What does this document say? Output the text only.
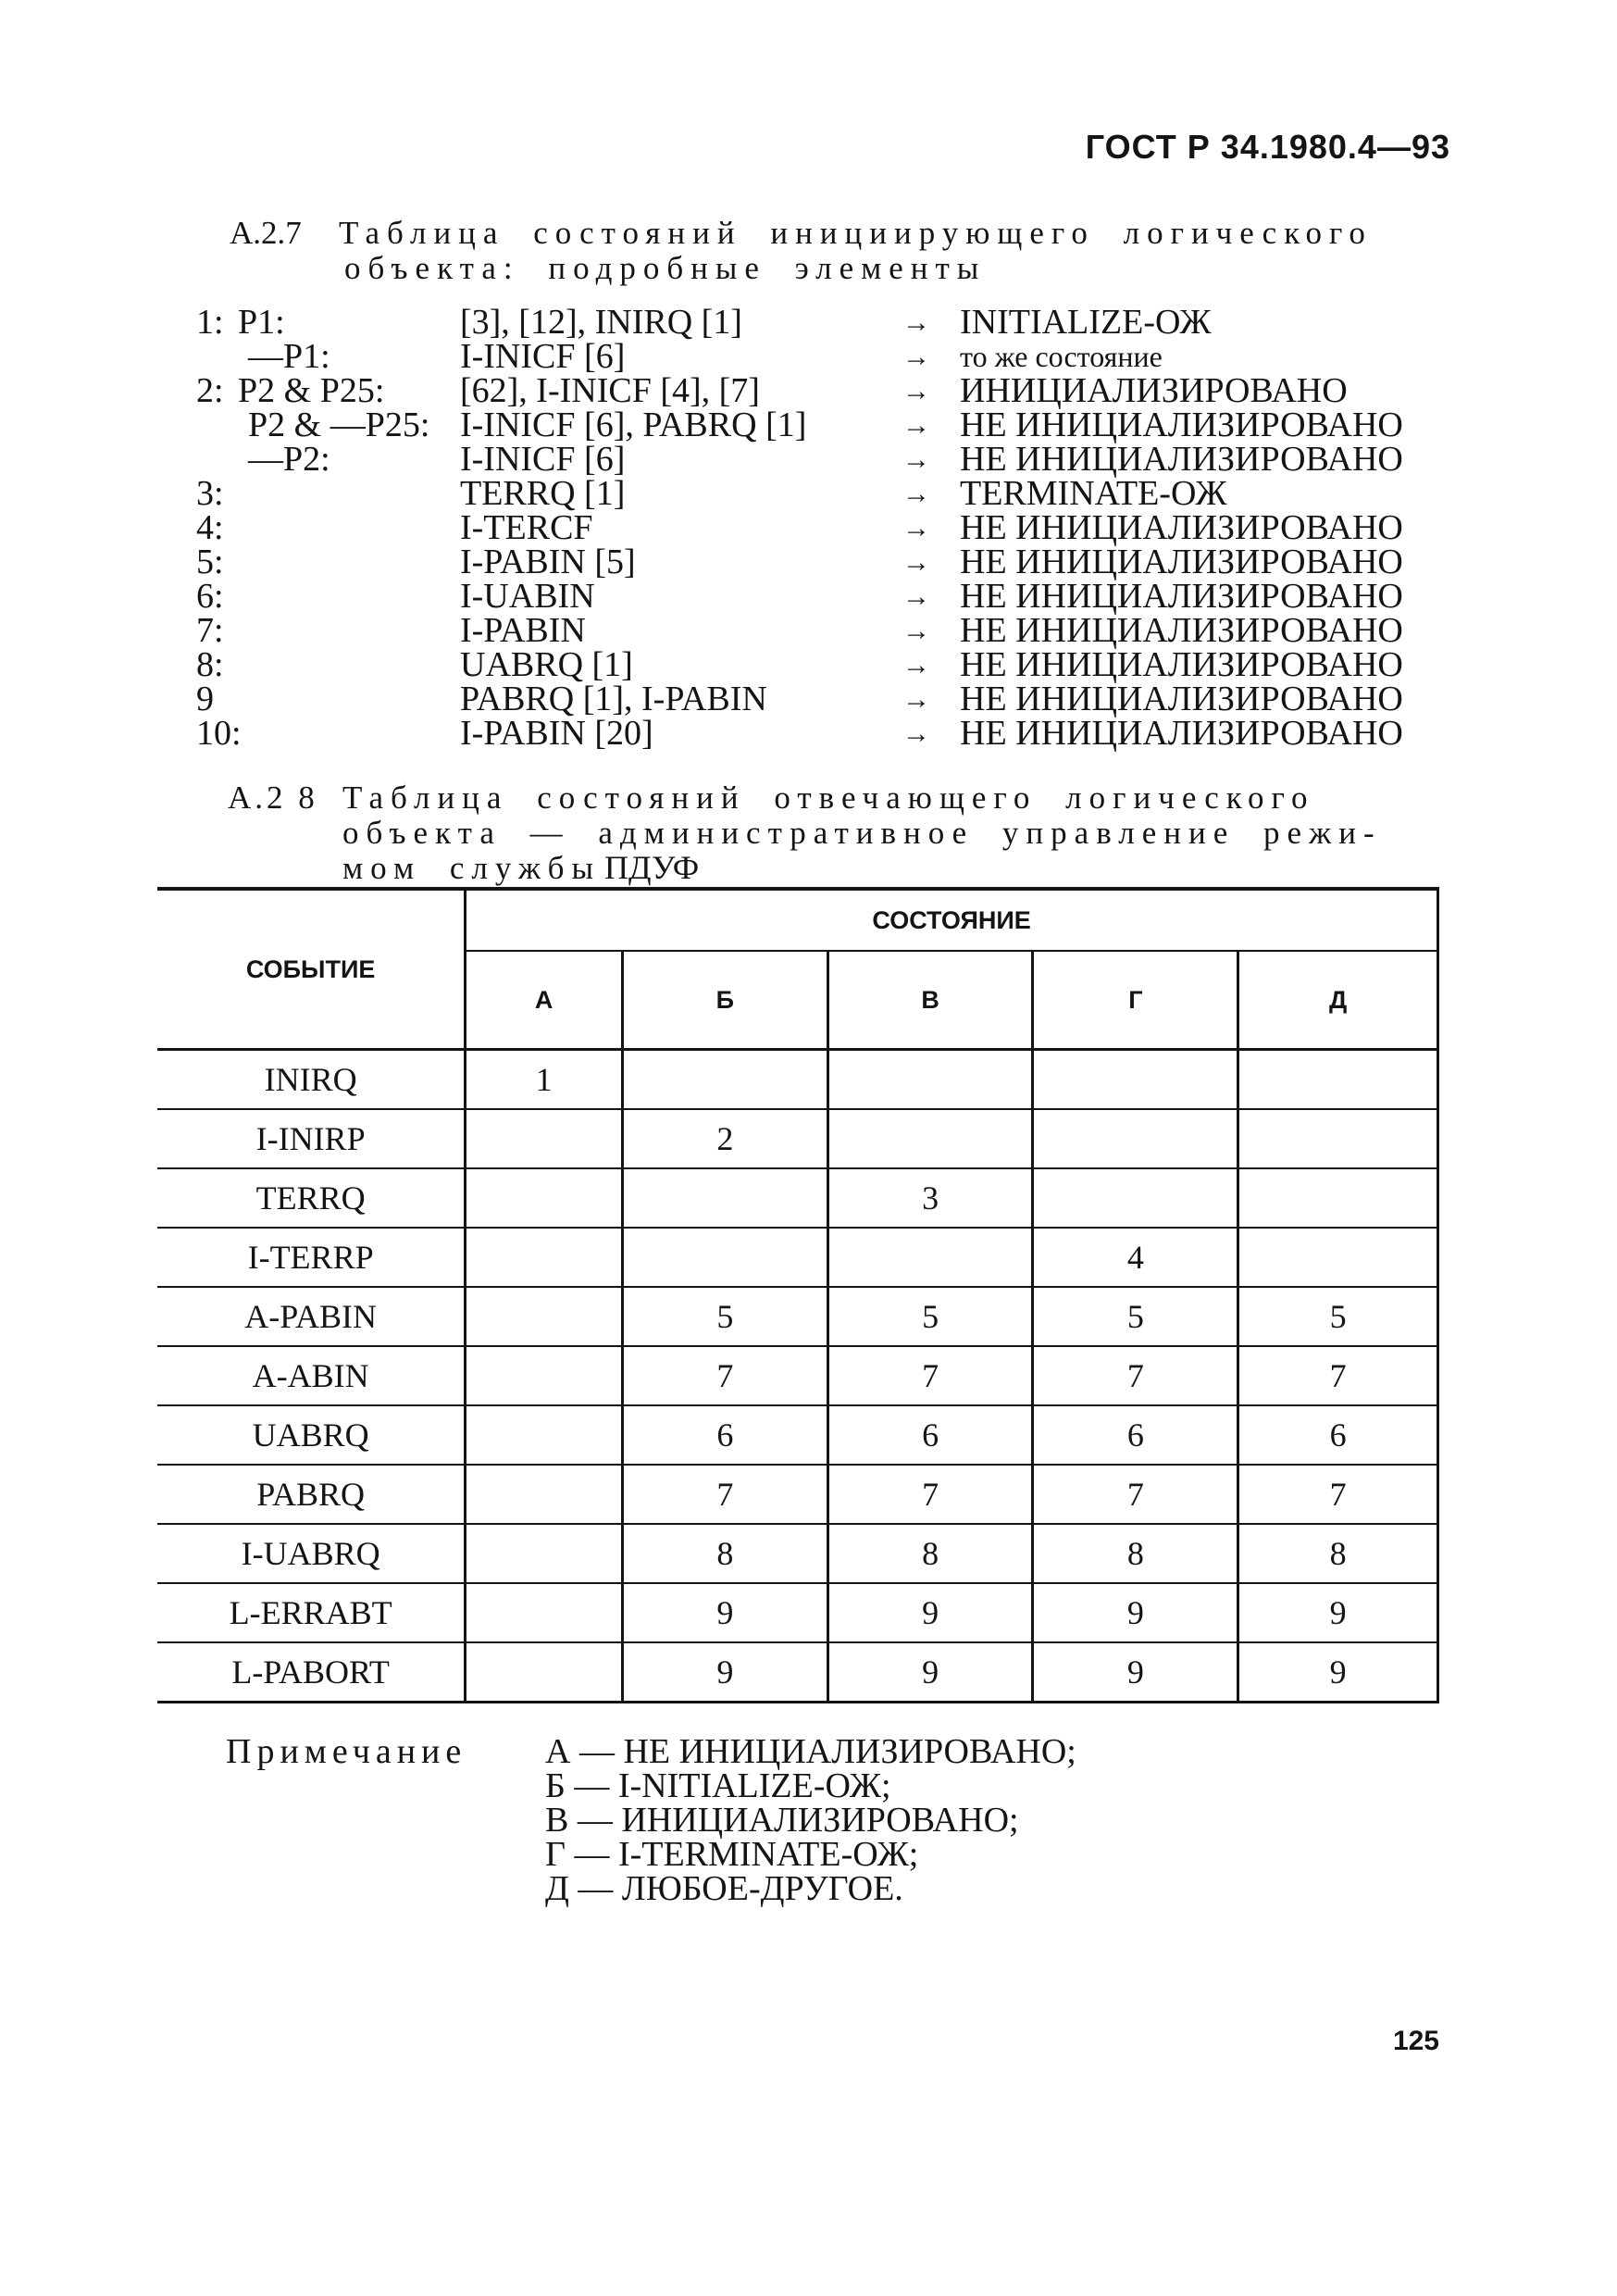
ГОСТ Р 34.1980.4—93
А.2.7 Таблица состояний инициирующего логического
объекта: подробные элементы
1: P1:	[3], [12], INIRQ [1]	→ INITIALIZE-ОЖ
—P1:	I-INICF [6]	→ то же состояние
2: P2 & P25: [62], I-INICF [4], [7]	→ ИНИЦИАЛИЗИРОВАНО
P2 & —P25: I-INICF [6], PABRQ [1]	→ НЕ ИНИЦИАЛИЗИРОВАНО
—P2:	I-INICF [6]	→ НЕ ИНИЦИАЛИЗИРОВАНО
3:	TERRQ [1]	→ TERMINATE-ОЖ
4:	I-TERCF	→ НЕ ИНИЦИАЛИЗИРОВАНО
5:	I-PABIN [5]	→ НЕ ИНИЦИАЛИЗИРОВАНО
6:	I-UABIN	→ НЕ ИНИЦИАЛИЗИРОВАНО
7:	I-PABIN	→ НЕ ИНИЦИАЛИЗИРОВАНО
8:	UABRQ [1]	→ НЕ ИНИЦИАЛИЗИРОВАНО
9	PABRQ [1], I-PABIN	→ НЕ ИНИЦИАЛИЗИРОВАНО
10:	I-PABIN [20]	→ НЕ ИНИЦИАЛИЗИРОВАНО
А.2 8 Таблица состояний отвечающего логического
объекта — административное управление режи-
мом службы ПДУФ
СОБЫТИЕ	СОСТОЯНИЕ				
	А	Б	В	Г	Д
INIRQ	1				
I-INIRP		2			
TERRQ			3		
I-TERRP				4	
A-PABIN		5	5	5	5
A-ABIN		7	7	7	7
UABRQ		6	6	6	6
PABRQ		7	7	7	7
I-UABRQ		8	8	8	8
L-ERRABT		9	9	9	9
L-PABORT		9	9	9	9
Примечание А — НЕ ИНИЦИАЛИЗИРОВАНО;
Б — I-NITIALIZE-ОЖ;
В — ИНИЦИАЛИЗИРОВАНО;
Г — I-TERMINATE-ОЖ;
Д — ЛЮБОЕ-ДРУГОЕ.
125
